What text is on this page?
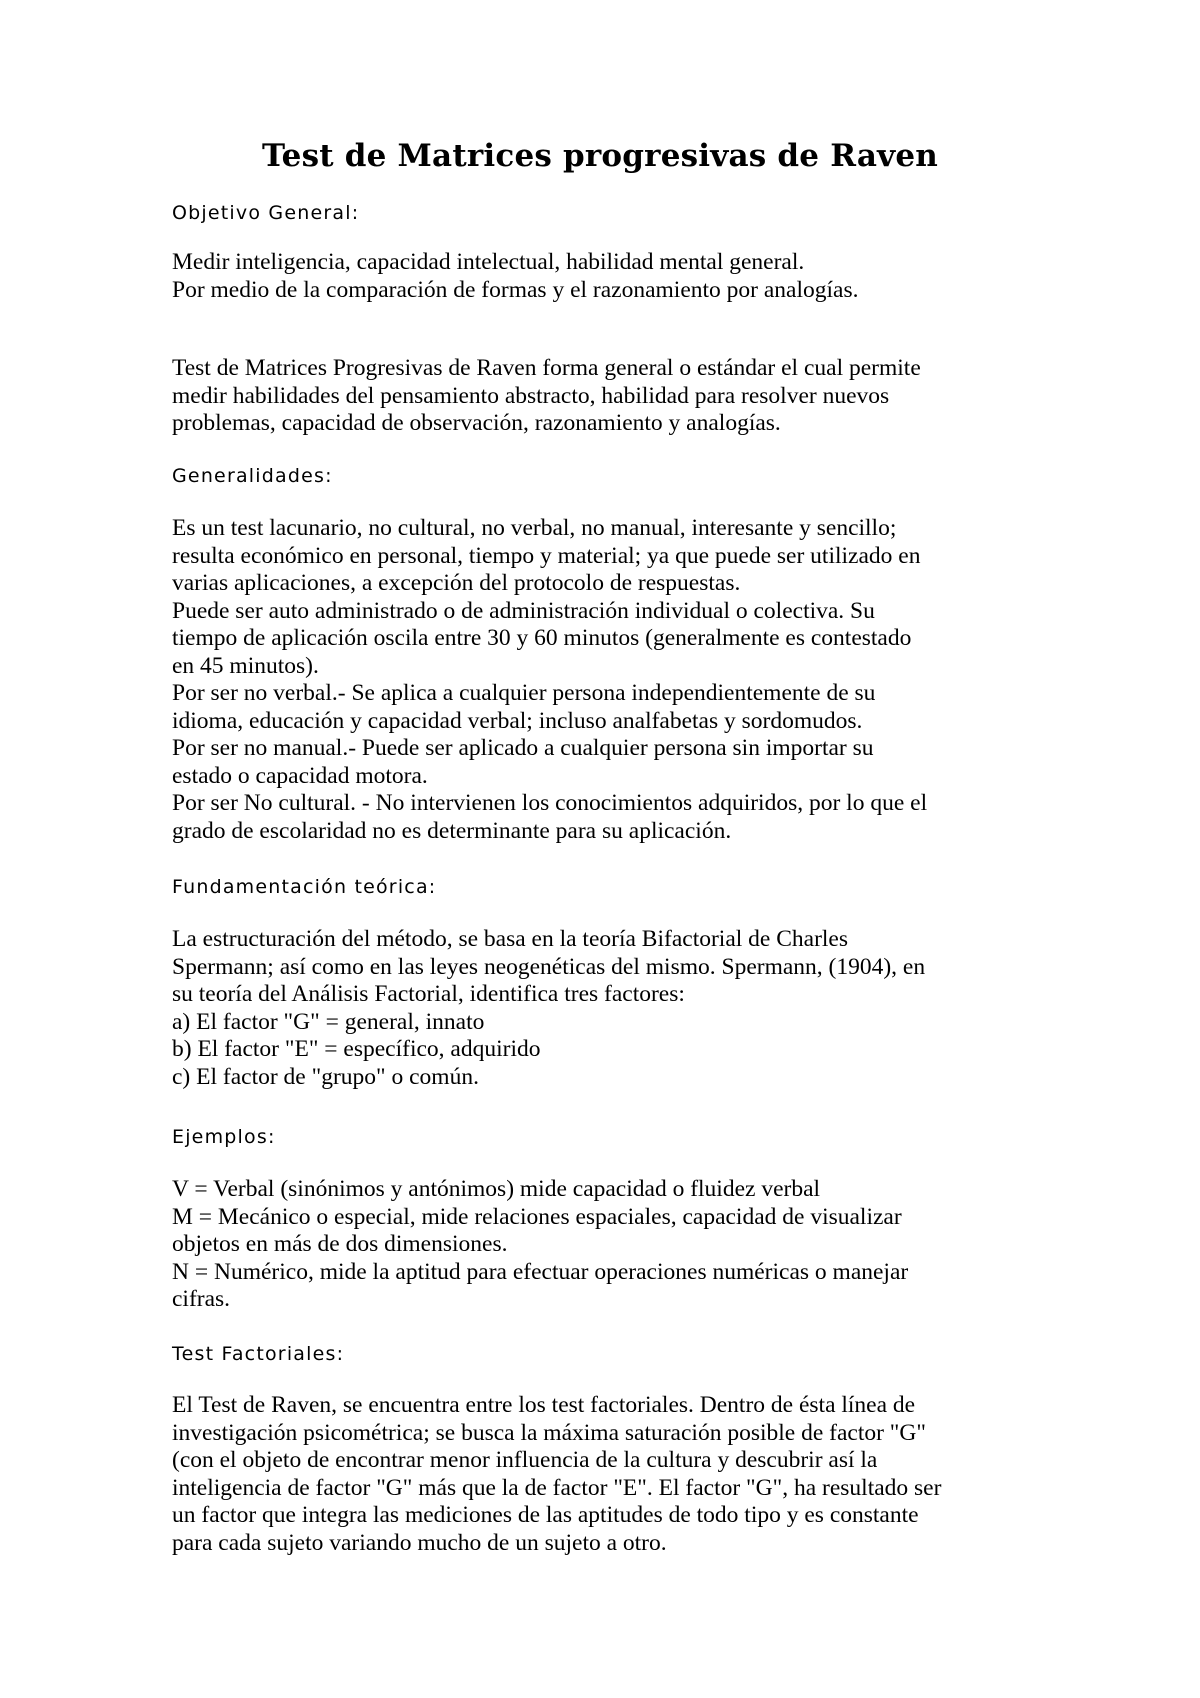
Test de Matrices progresivas de Raven
Objetivo General:

Medir inteligencia, capacidad intelectual, habilidad mental general.
Por medio de la comparación de formas y el razonamiento por analogías.

Test de Matrices Progresivas de Raven forma general o estándar el cual permite
medir habilidades del pensamiento abstracto, habilidad para resolver nuevos
problemas, capacidad de observación, razonamiento y analogías.

Generalidades:

Es un test lacunario, no cultural, no verbal, no manual, interesante y sencillo;
resulta económico en personal, tiempo y material; ya que puede ser utilizado en
varias aplicaciones, a excepción del protocolo de respuestas.
Puede ser auto administrado o de administración individual o colectiva. Su
tiempo de aplicación oscila entre 30 y 60 minutos (generalmente es contestado
en 45 minutos).
Por ser no verbal.- Se aplica a cualquier persona independientemente de su
idioma, educación y capacidad verbal; incluso analfabetas y sordomudos.
Por ser no manual.- Puede ser aplicado a cualquier persona sin importar su
estado o capacidad motora.
Por ser No cultural. - No intervienen los conocimientos adquiridos, por lo que el
grado de escolaridad no es determinante para su aplicación.

Fundamentación teórica:

La estructuración del método, se basa en la teoría Bifactorial de Charles
Spermann; así como en las leyes neogenéticas del mismo. Spermann, (1904), en
su teoría del Análisis Factorial, identifica tres factores:
a) El factor "G" = general, innato
b) El factor "E" = específico, adquirido
c) El factor de "grupo" o común.

Ejemplos:

V = Verbal (sinónimos y antónimos) mide capacidad o fluidez verbal
M = Mecánico o especial, mide relaciones espaciales, capacidad de visualizar
objetos en más de dos dimensiones.
N = Numérico, mide la aptitud para efectuar operaciones numéricas o manejar
cifras.

Test Factoriales:

El Test de Raven, se encuentra entre los test factoriales. Dentro de ésta línea de
investigación psicométrica; se busca la máxima saturación posible de factor "G"
(con el objeto de encontrar menor influencia de la cultura y descubrir así la
inteligencia de factor "G" más que la de factor "E". El factor "G", ha resultado ser
un factor que integra las mediciones de las aptitudes de todo tipo y es constante
para cada sujeto variando mucho de un sujeto a otro.
